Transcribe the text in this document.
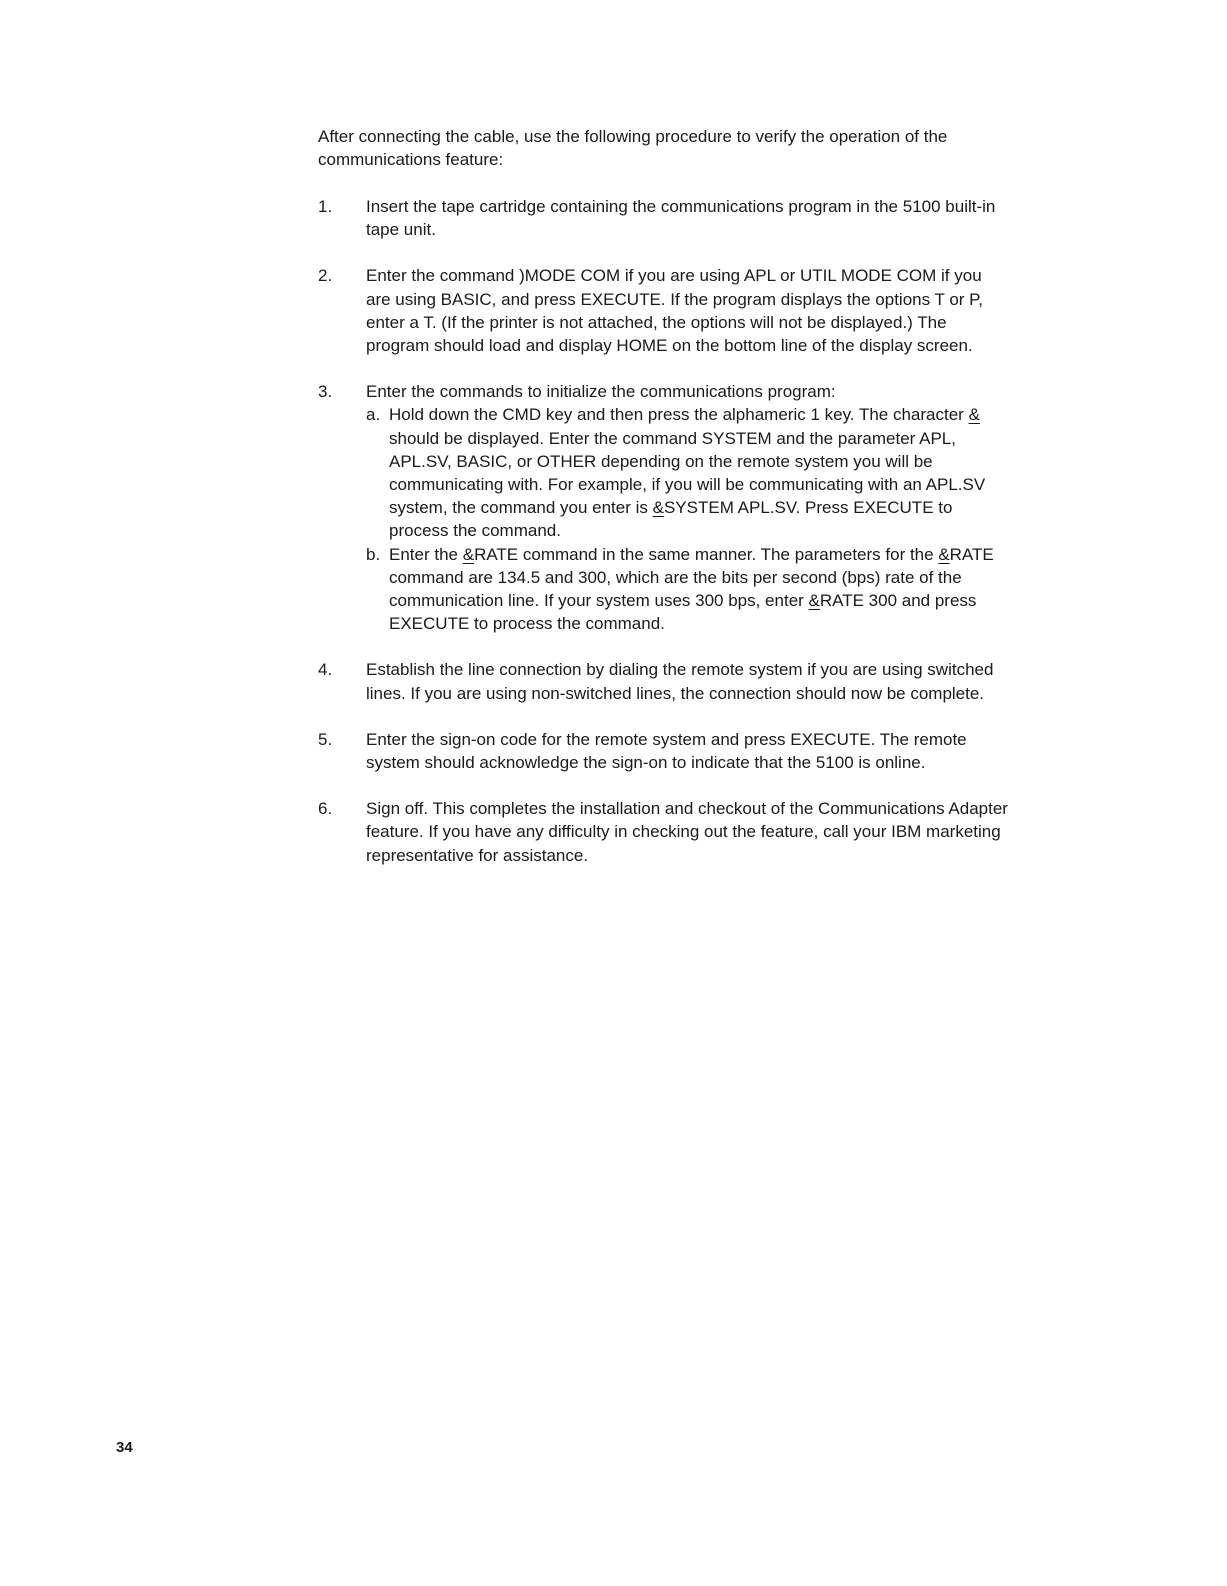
After connecting the cable, use the following procedure to verify the operation of the communications feature:

1.	Insert the tape cartridge containing the communications program in the 5100 built-in tape unit.
2.	Enter the command )MODE COM if you are using APL or UTIL MODE COM if you are using BASIC, and press EXECUTE. If the program displays the options T or P, enter a T. (If the printer is not attached, the options will not be displayed.) The program should load and display HOME on the bottom line of the display screen.
3.	Enter the commands to initialize the communications program:
a. Hold down the CMD key and then press the alphameric 1 key. The character & should be displayed. Enter the command SYSTEM and the parameter APL, APL.SV, BASIC, or OTHER depending on the remote system you will be communicating with. For example, if you will be communicating with an APL.SV system, the command you enter is &SYSTEM APL.SV. Press EXECUTE to process the command.
b. Enter the &RATE command in the same manner. The parameters for the &RATE command are 134.5 and 300, which are the bits per second (bps) rate of the communication line. If your system uses 300 bps, enter &RATE 300 and press EXECUTE to process the command.
4.	Establish the line connection by dialing the remote system if you are using switched lines. If you are using non-switched lines, the connection should now be complete.
5.	Enter the sign-on code for the remote system and press EXECUTE. The remote system should acknowledge the sign-on to indicate that the 5100 is online.
6.	Sign off. This completes the installation and checkout of the Communications Adapter feature. If you have any difficulty in checking out the feature, call your IBM marketing representative for assistance.
34
